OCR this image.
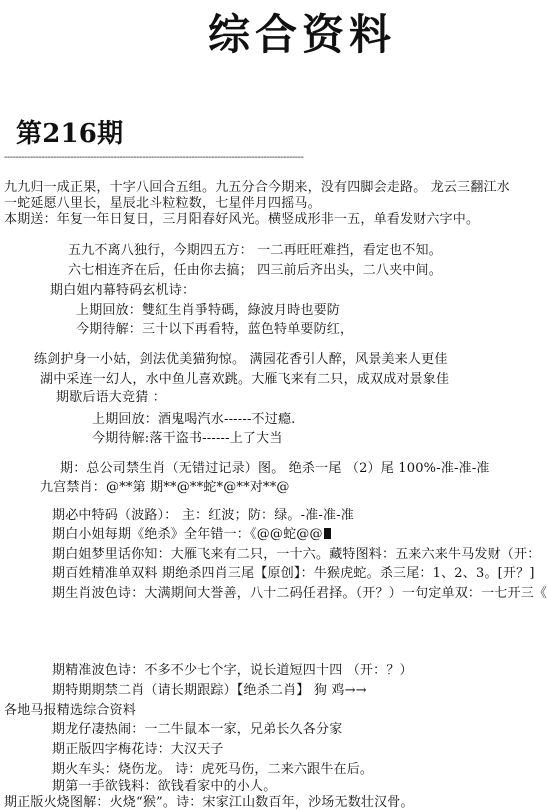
综合资料
第216期
--------------------------------------------------------------------------------------------------------
九九归一成正果，十字八回合五组。九五分合今期来，没有四脚会走路。 龙云三翻江水
一蛇延愿八里长，星辰北斗粒粒数，七星伴月四摇马。
本期送：年复一年日复日，三月阳春好风光。横竖成形非一五，单看发财六字中。
五九不离八独行，今期四五方： 一二再旺旺难挡，看定也不知。
六七相连齐在后，任由你去搞； 四三前后齐出头，二八夹中间。
期白姐内幕特码玄机诗：
上期回放：雙紅生肖爭特碼，綠波月時也要防
今期待解：三十以下再看特，蓝色特单要防红，
练剑护身一小姑，剑法优美猫狗惊。 满园花香引人醉，风景美来人更佳
湖中采连一幻人，水中鱼儿喜欢跳。大雁飞来有二只，成双成对景象佳
期歇后语大竞猜 ：
上期回放：酒鬼喝汽水------不过瘾.
今期待解:落干盗书------上了大当
期：总公司禁生肖（无错过记录）图。 绝杀一尾 （2）尾 100%-准-准-准
九宫禁肖：@**第 期**@**蛇*@**对**@
期必中特码（波路）： 主：红波；防：绿。-准-准-准
期白小姐每期《绝杀》全年错一：《@@蛇@@
期白姐梦里话你知：大雁飞来有二只，一十六。藏特图料：五来六来牛马发财（开：
期百姓精准单双料 期绝杀四肖三尾【原创】：牛猴虎蛇。杀三尾：1、2、3。[开？]
期生肖波色诗：大满期间大誉善，八十二码任君择。（开？）一句定单双：一七开三《
期精准波色诗：不多不少七个字，说长道短四十四 （开：？）
期特期期禁二肖（请长期跟踪）【绝杀二肖】 狗 鸡→→
各地马报精选综合资料
期龙仔凄热闹：一二牛鼠本一家，兄弟长久各分家
期正版四字梅花诗：大汉天子
期火车头：烧伤龙。 诗：虎死马伤，二来六跟牛在后。
期第一手欲钱料：欲钱看家中的小人。
期正版火烧图解：火烧“猴”。诗：宋家江山数百年，沙场无数壮汉骨。
